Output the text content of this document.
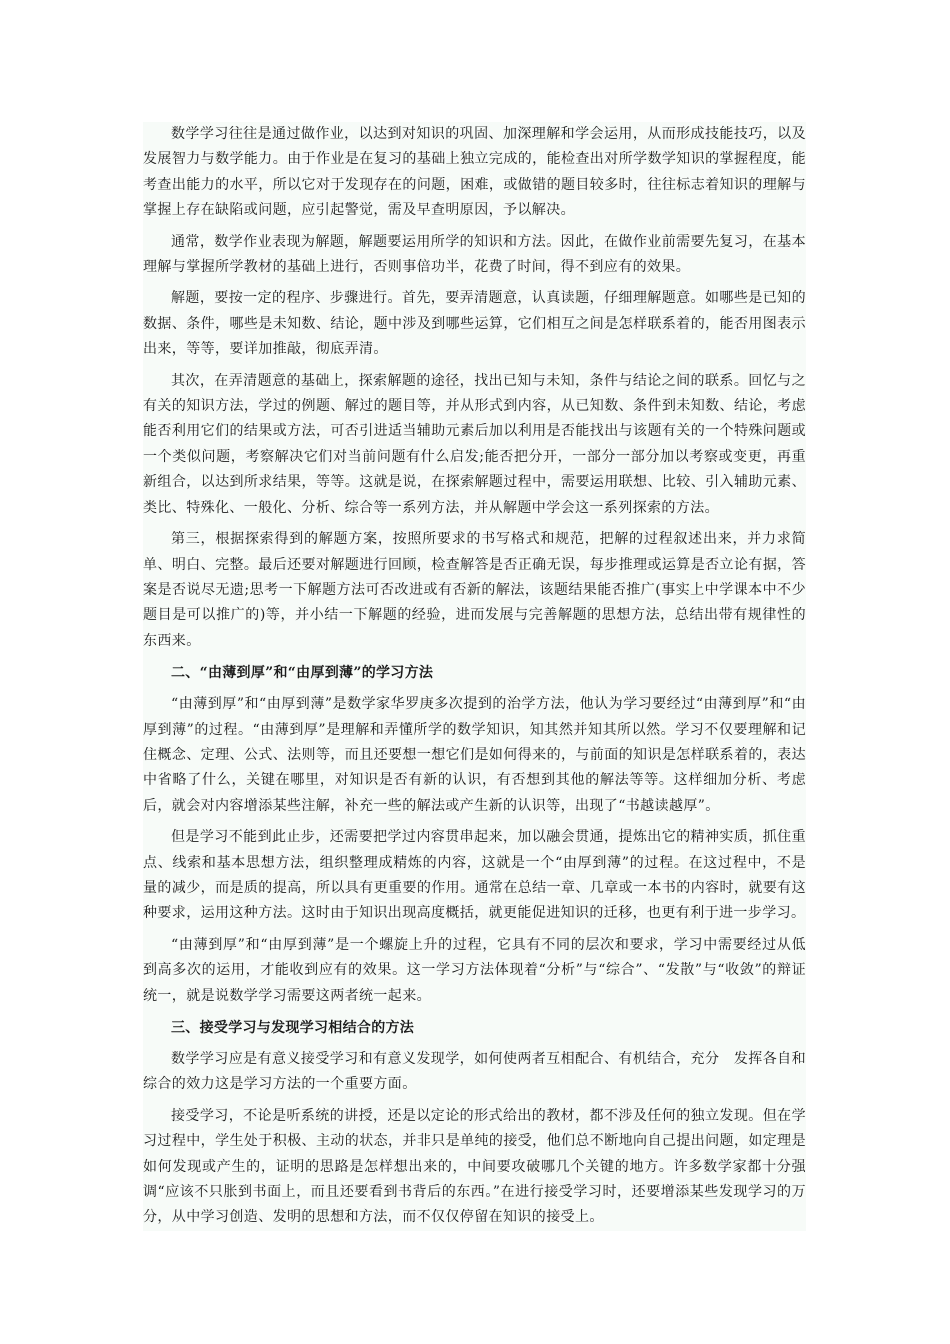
数学学习往往是通过做作业，以达到对知识的巩固、加深理解和学会运用，从而形成技能技巧，以及发展智力与数学能力。由于作业是在复习的基础上独立完成的，能检查出对所学数学知识的掌握程度，能考查出能力的水平，所以它对于发现存在的问题，困难，或做错的题目较多时，往往标志着知识的理解与掌握上存在缺陷或问题，应引起警觉，需及早查明原因，予以解决。

通常，数学作业表现为解题，解题要运用所学的知识和方法。因此，在做作业前需要先复习，在基本理解与掌握所学教材的基础上进行，否则事倍功半，花费了时间，得不到应有的效果。

解题，要按一定的程序、步骤进行。首先，要弄清题意，认真读题，仔细理解题意。如哪些是已知的数据、条件，哪些是未知数、结论，题中涉及到哪些运算，它们相互之间是怎样联系着的，能否用图表示出来，等等，要详加推敲，彻底弄清。

其次，在弄清题意的基础上，探索解题的途径，找出已知与未知，条件与结论之间的联系。回忆与之有关的知识方法，学过的例题、解过的题目等，并从形式到内容，从已知数、条件到未知数、结论，考虑能否利用它们的结果或方法，可否引进适当辅助元素后加以利用是否能找出与该题有关的一个特殊问题或一个类似问题，考察解决它们对当前问题有什么启发;能否把分开，一部分一部分加以考察或变更，再重新组合，以达到所求结果，等等。这就是说，在探索解题过程中，需要运用联想、比较、引入辅助元素、类比、特殊化、一般化、分析、综合等一系列方法，并从解题中学会这一系列探索的方法。

第三，根据探索得到的解题方案，按照所要求的书写格式和规范，把解的过程叙述出来，并力求简单、明白、完整。最后还要对解题进行回顾，检查解答是否正确无误，每步推理或运算是否立论有据，答案是否说尽无遗;思考一下解题方法可否改进或有否新的解法，该题结果能否推广(事实上中学课本中不少题目是可以推广的)等，并小结一下解题的经验，进而发展与完善解题的思想方法，总结出带有规律性的东西来。

二、“由薄到厚”和“由厚到薄”的学习方法

“由薄到厚”和“由厚到薄”是数学家华罗庚多次提到的治学方法，他认为学习要经过“由薄到厚”和“由厚到薄”的过程。“由薄到厚”是理解和弄懂所学的数学知识，知其然并知其所以然。学习不仅要理解和记住概念、定理、公式、法则等，而且还要想一想它们是如何得来的，与前面的知识是怎样联系着的，表达中省略了什么，关键在哪里，对知识是否有新的认识，有否想到其他的解法等等。这样细加分析、考虑后，就会对内容增添某些注解，补充一些的解法或产生新的认识等，出现了“书越读越厚”。

但是学习不能到此止步，还需要把学过内容贯串起来，加以融会贯通，提炼出它的精神实质，抓住重点、线索和基本思想方法，组织整理成精炼的内容，这就是一个“由厚到薄”的过程。在这过程中，不是量的减少，而是质的提高，所以具有更重要的作用。通常在总结一章、几章或一本书的内容时，就要有这种要求，运用这种方法。这时由于知识出现高度概括，就更能促进知识的迁移，也更有利于进一步学习。

“由薄到厚”和“由厚到薄”是一个螺旋上升的过程，它具有不同的层次和要求，学习中需要经过从低到高多次的运用，才能收到应有的效果。这一学习方法体现着“分析”与“综合”、“发散”与“收敛”的辩证统一，就是说数学学习需要这两者统一起来。

三、接受学习与发现学习相结合的方法

数学学习应是有意义接受学习和有意义发现学，如何使两者互相配合、有机结合，充分　发挥各自和综合的效力这是学习方法的一个重要方面。

接受学习，不论是听系统的讲授，还是以定论的形式给出的教材，都不涉及任何的独立发现。但在学习过程中，学生处于积极、主动的状态，并非只是单纯的接受，他们总不断地向自己提出问题，如定理是如何发现或产生的，证明的思路是怎样想出来的，中间要攻破哪几个关键的地方。许多数学家都十分强调“应该不只胀到书面上，而且还要看到书背后的东西。”在进行接受学习时，还要增添某些发现学习的万分，从中学习创造、发明的思想和方法，而不仅仅停留在知识的接受上。
